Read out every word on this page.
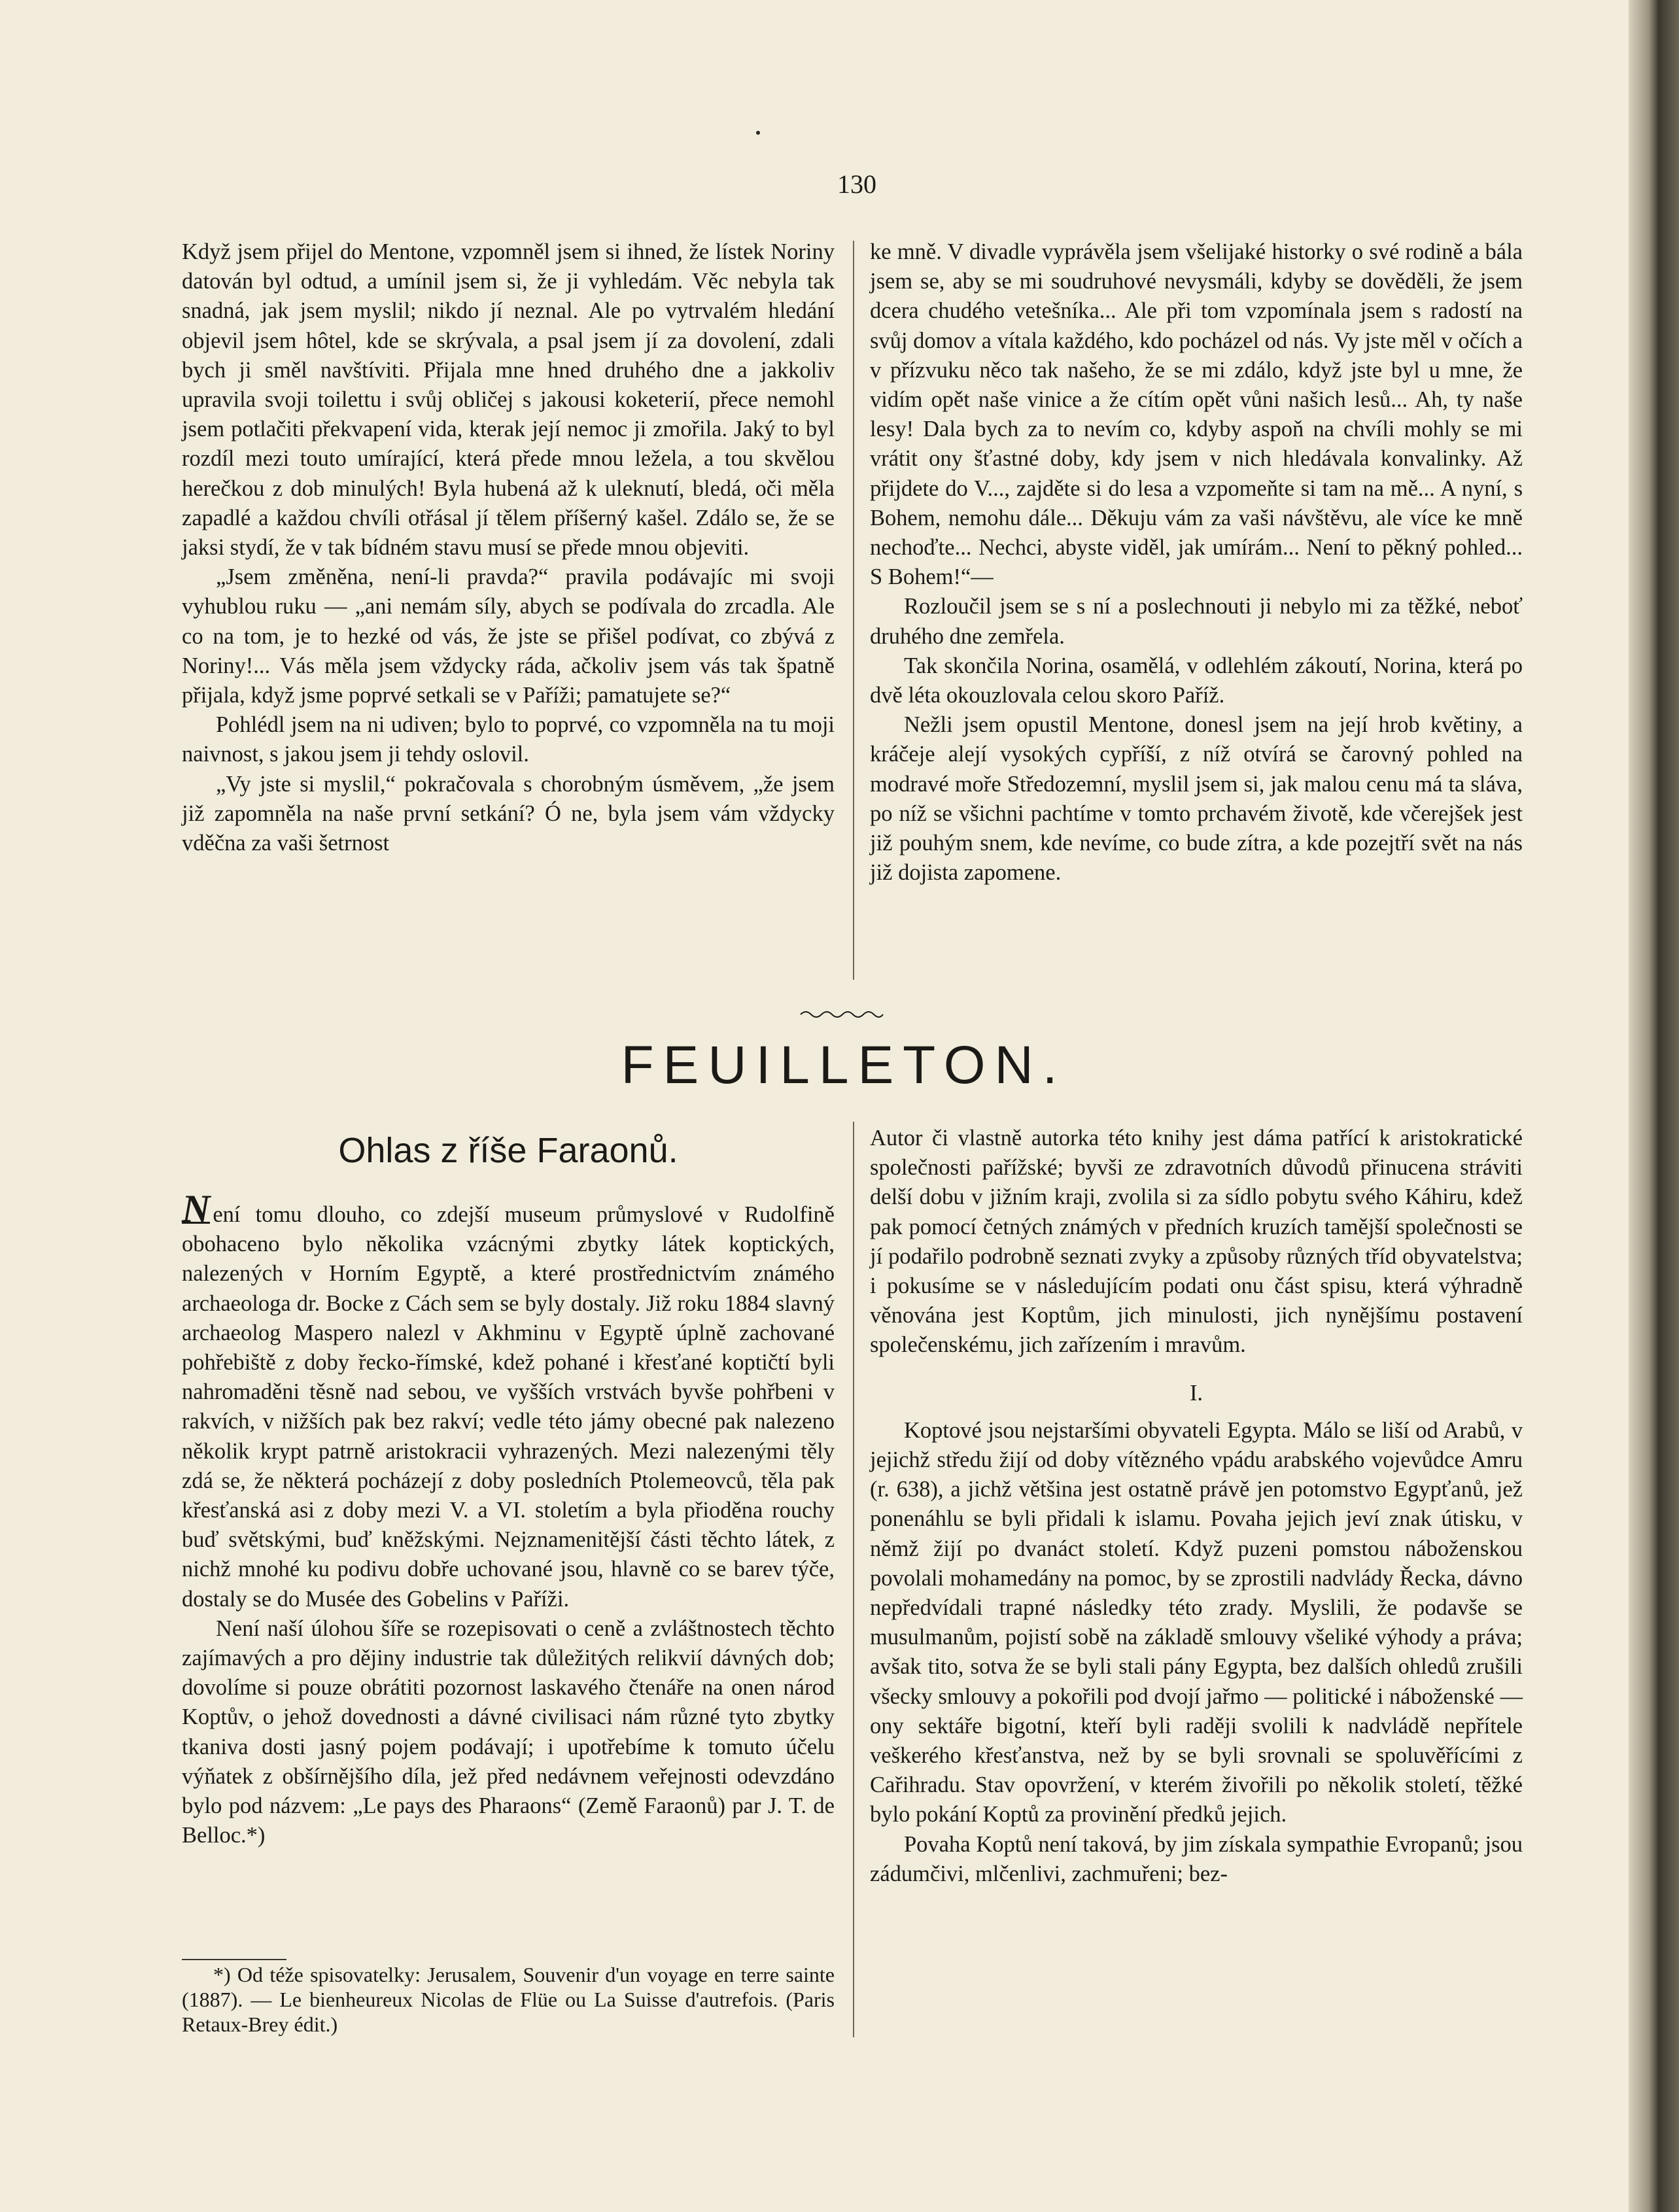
130

Když jsem přijel do Mentone, vzpomněl jsem si ihned, že lístek Noriny datován byl odtud, a umínil jsem si, že ji vyhledám. Věc nebyla tak snadná, jak jsem myslil; nikdo jí neznal. Ale po vytrvalém hledání objevil jsem hôtel, kde se skrývala, a psal jsem jí za dovolení, zdali bych ji směl navštíviti. Přijala mne hned druhého dne a jakkoliv upravila svoji toilettu i svůj obličej s jakousi koketerií, přece nemohl jsem potlačiti překvapení vida, kterak její nemoc ji zmořila. Jaký to byl rozdíl mezi touto umírající, která přede mnou ležela, a tou skvělou herečkou z dob minulých! Byla hubená až k uleknutí, bledá, oči měla zapadlé a každou chvíli otřásal jí tělem příšerný kašel. Zdálo se, že se jaksi stydí, že v tak bídném stavu musí se přede mnou objeviti.

„Jsem změněna, není-li pravda?“ pravila podávajíc mi svoji vyhublou ruku — „ani nemám síly, abych se podívala do zrcadla. Ale co na tom, je to hezké od vás, že jste se přišel podívat, co zbývá z Noriny!... Vás měla jsem vždycky ráda, ačkoliv jsem vás tak špatně přijala, když jsme poprvé setkali se v Paříži; pamatujete se?“

Pohlédl jsem na ni udiven; bylo to poprvé, co vzpomněla na tu moji naivnost, s jakou jsem ji tehdy oslovil.

„Vy jste si myslil,“ pokračovala s chorobným úsměvem, „že jsem již zapomněla na naše první setkání? Ó ne, byla jsem vám vždycky vděčna za vaši šetrnost

ke mně. V divadle vyprávěla jsem všelijaké historky o své rodině a bála jsem se, aby se mi soudruhové nevysmáli, kdyby se dověděli, že jsem dcera chudého vetešníka... Ale při tom vzpomínala jsem s radostí na svůj domov a vítala každého, kdo pocházel od nás. Vy jste měl v očích a v přízvuku něco tak našeho, že se mi zdálo, když jste byl u mne, že vidím opět naše vinice a že cítím opět vůni našich lesů... Ah, ty naše lesy! Dala bych za to nevím co, kdyby aspoň na chvíli mohly se mi vrátit ony šťastné doby, kdy jsem v nich hledávala konvalinky. Až přijdete do V..., zajděte si do lesa a vzpomeňte si tam na mě... A nyní, s Bohem, nemohu dále... Děkuju vám za vaši návštěvu, ale více ke mně nechoďte... Nechci, abyste viděl, jak umírám... Není to pěkný pohled... S Bohem!“—

Rozloučil jsem se s ní a poslechnouti ji nebylo mi za těžké, neboť druhého dne zemřela.

Tak skončila Norina, osamělá, v odlehlém zákoutí, Norina, která po dvě léta okouzlovala celou skoro Paříž.

Nežli jsem opustil Mentone, donesl jsem na její hrob květiny, a kráčeje alejí vysokých cypříší, z níž otvírá se čarovný pohled na modravé moře Středozemní, myslil jsem si, jak malou cenu má ta sláva, po níž se všichni pachtíme v tomto prchavém životě, kde včerejšek jest již pouhým snem, kde nevíme, co bude zítra, a kde pozejtří svět na nás již dojista zapomene.

FEUILLETON.
Ohlas z říše Faraonů.

N ení tomu dlouho, co zdejší museum průmyslové v Rudolfině obohaceno bylo několika vzácnými zbytky látek koptických, nalezených v Horním Egyptě, a které prostřednictvím známého archaeologa dr. Bocke z Cách sem se byly dostaly. Již roku 1884 slavný archaeolog Maspero nalezl v Akhminu v Egyptě úplně zachované pohřebiště z doby řecko-římské, kdež pohané i křesťané koptičtí byli nahromaděni těsně nad sebou, ve vyšších vrstvách byvše pohřbeni v rakvích, v nižších pak bez rakví; vedle této jámy obecné pak nalezeno několik krypt patrně aristokracii vyhrazených. Mezi nalezenými těly zdá se, že některá pocházejí z doby posledních Ptolemeovců, těla pak křesťanská asi z doby mezi V. a VI. stoletím a byla přioděna rouchy buď světskými, buď kněžskými. Nejznamenitější části těchto látek, z nichž mnohé ku podivu dobře uchované jsou, hlavně co se barev týče, dostaly se do Musée des Gobelins v Paříži.

Není naší úlohou šíře se rozepisovati o ceně a zvláštnostech těchto zajímavých a pro dějiny industrie tak důležitých relikvií dávných dob; dovolíme si pouze obrátiti pozornost laskavého čtenáře na onen národ Koptův, o jehož dovednosti a dávné civilisaci nám různé tyto zbytky tkaniva dosti jasný pojem podávají; i upotřebíme k tomuto účelu výňatek z obšírnějšího díla, jež před nedávnem veřejnosti odevzdáno bylo pod názvem: „Le pays des Pharaons“ (Země Faraonů) par J. T. de Belloc.*)

*) Od téže spisovatelky: Jerusalem, Souvenir d'un voyage en terre sainte (1887). — Le bienheureux Nicolas de Flüe ou La Suisse d'autrefois. (Paris Retaux-Brey édit.)

Autor či vlastně autorka této knihy jest dáma patřící k aristokratické společnosti pařížské; byvši ze zdravotních důvodů přinucena stráviti delší dobu v jižním kraji, zvolila si za sídlo pobytu svého Káhiru, kdež pak pomocí četných známých v předních kruzích tamější společnosti se jí podařilo podrobně seznati zvyky a způsoby různých tříd obyvatelstva; i pokusíme se v následujícím podati onu část spisu, která výhradně věnována jest Koptům, jich minulosti, jich nynějšímu postavení společenskému, jich zařízením i mravům.

I.

Koptové jsou nejstaršími obyvateli Egypta. Málo se liší od Arabů, v jejichž středu žijí od doby vítězného vpádu arabského vojevůdce Amru (r. 638), a jichž většina jest ostatně právě jen potomstvo Egypťanů, jež ponenáhlu se byli přidali k islamu. Povaha jejich jeví znak útisku, v němž žijí po dvanáct století. Když puzeni pomstou náboženskou povolali mohamedány na pomoc, by se zprostili nadvlády Řecka, dávno nepředvídali trapné následky této zrady. Myslili, že podavše se musulmanům, pojistí sobě na základě smlouvy všeliké výhody a práva; avšak tito, sotva že se byli stali pány Egypta, bez dalších ohledů zrušili všecky smlouvy a pokořili pod dvojí jařmo — politické i náboženské — ony sektáře bigotní, kteří byli raději svolili k nadvládě nepřítele veškerého křesťanstva, než by se byli srovnali se spoluvěřícími z Cařihradu. Stav opovržení, v kterém živořili po několik století, těžké bylo pokání Koptů za provinění předků jejich.

Povaha Koptů není taková, by jim získala sympathie Evropanů; jsou zádumčivi, mlčenlivi, zachmuřeni; bez-
